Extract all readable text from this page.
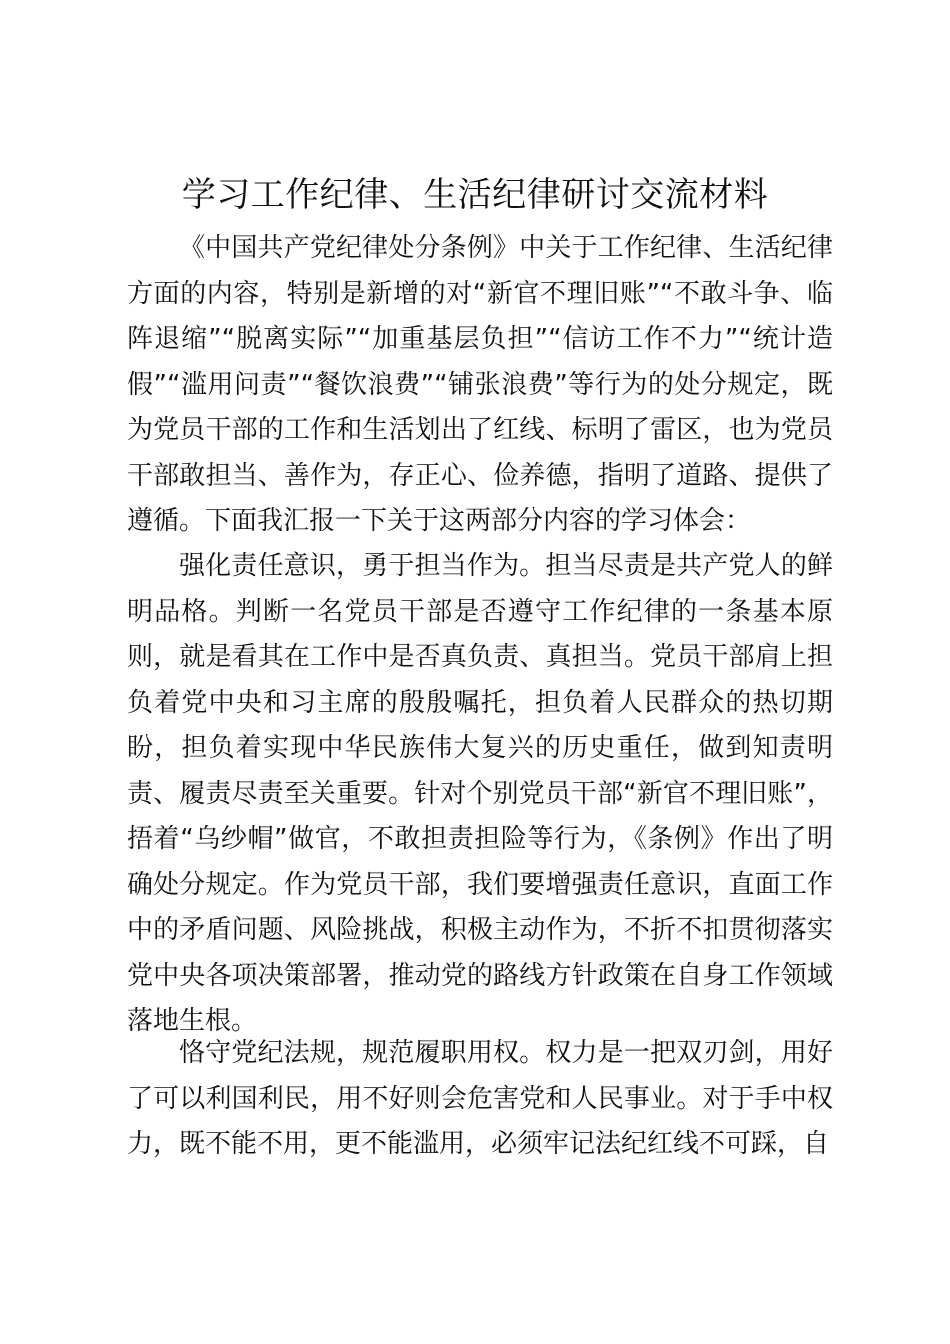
学习工作纪律、生活纪律研讨交流材料

《中国共产党纪律处分条例》中关于工作纪律、生活纪律方面的内容，特别是新增的对“新官不理旧账”“不敢斗争、临阵退缩”“脱离实际”“加重基层负担”“信访工作不力”“统计造假”“滥用问责”“餐饮浪费”“铺张浪费”等行为的处分规定，既为党员干部的工作和生活划出了红线、标明了雷区，也为党员干部敢担当、善作为，存正心、俭养德，指明了道路、提供了遵循。下面我汇报一下关于这两部分内容的学习体会：

强化责任意识，勇于担当作为。担当尽责是共产党人的鲜明品格。判断一名党员干部是否遵守工作纪律的一条基本原则，就是看其在工作中是否真负责、真担当。党员干部肩上担负着党中央和习主席的殷殷嘱托，担负着人民群众的热切期盼，担负着实现中华民族伟大复兴的历史重任，做到知责明责、履责尽责至关重要。针对个别党员干部“新官不理旧账”，捂着“乌纱帽”做官，不敢担责担险等行为，《条例》作出了明确处分规定。作为党员干部，我们要增强责任意识，直面工作中的矛盾问题、风险挑战，积极主动作为，不折不扣贯彻落实党中央各项决策部署，推动党的路线方针政策在自身工作领域落地生根。

恪守党纪法规，规范履职用权。权力是一把双刃剑，用好了可以利国利民，用不好则会危害党和人民事业。对于手中权力，既不能不用，更不能滥用，必须牢记法纪红线不可踩，自
